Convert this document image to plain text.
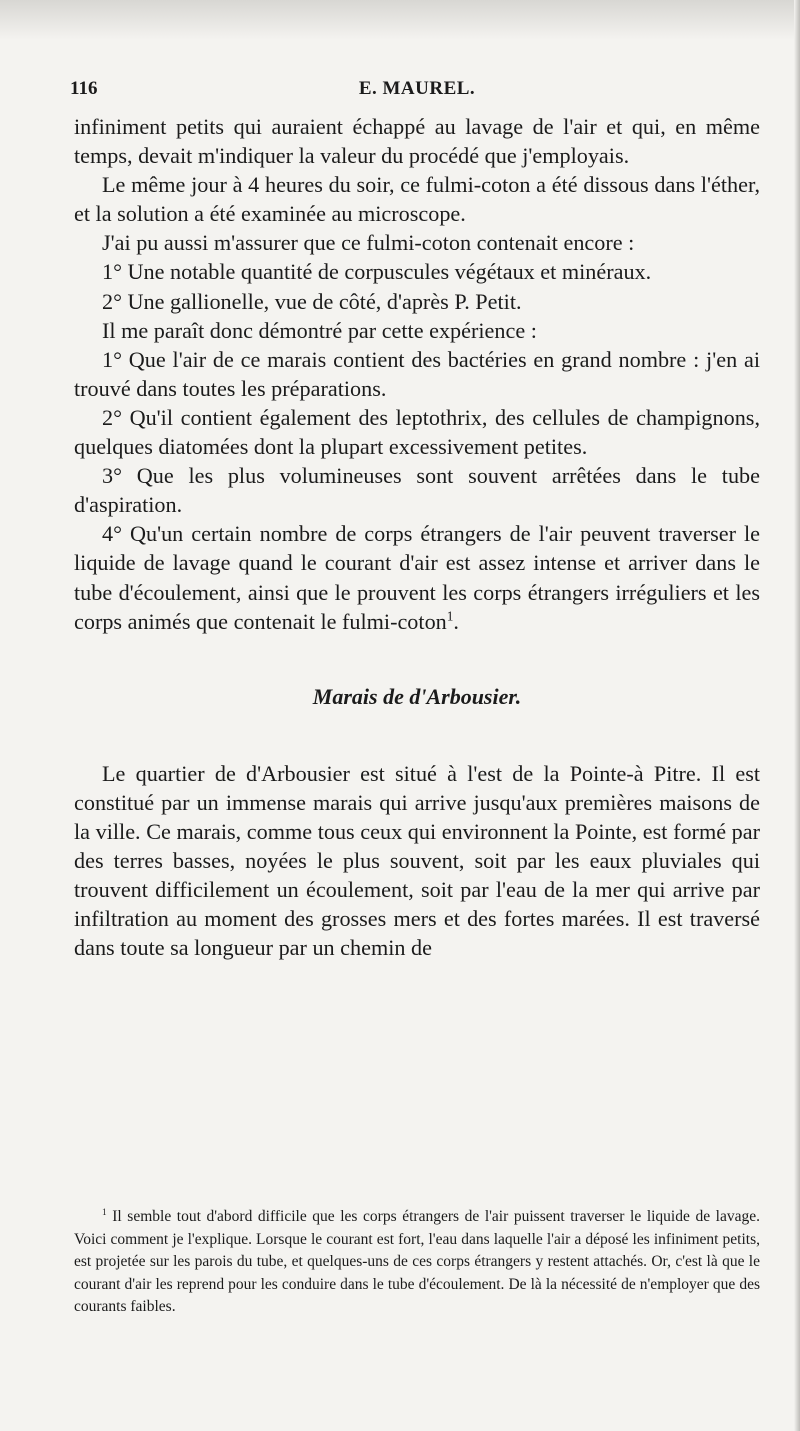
116	E. MAUREL.

infiniment petits qui auraient échappé au lavage de l'air et qui, en même temps, devait m'indiquer la valeur du procédé que j'employais.

Le même jour à 4 heures du soir, ce fulmi-coton a été dissous dans l'éther, et la solution a été examinée au microscope.

J'ai pu aussi m'assurer que ce fulmi-coton contenait encore :

1° Une notable quantité de corpuscules végétaux et minéraux.

2° Une gallionelle, vue de côté, d'après P. Petit.

Il me paraît donc démontré par cette expérience :

1° Que l'air de ce marais contient des bactéries en grand nombre : j'en ai trouvé dans toutes les préparations.

2° Qu'il contient également des leptothrix, des cellules de champignons, quelques diatomées dont la plupart excessivement petites.

3° Que les plus volumineuses sont souvent arrêtées dans le tube d'aspiration.

4° Qu'un certain nombre de corps étrangers de l'air peuvent traverser le liquide de lavage quand le courant d'air est assez intense et arriver dans le tube d'écoulement, ainsi que le prouvent les corps étrangers irréguliers et les corps animés que contenait le fulmi-coton$^1$.

Marais de d'Arbousier.

Le quartier de d'Arbousier est situé à l'est de la Pointe-à Pitre. Il est constitué par un immense marais qui arrive jusqu'aux premières maisons de la ville. Ce marais, comme tous ceux qui environnent la Pointe, est formé par des terres basses, noyées le plus souvent, soit par les eaux pluviales qui trouvent difficilement un écoulement, soit par l'eau de la mer qui arrive par infiltration au moment des grosses mers et des fortes marées. Il est traversé dans toute sa longueur par un chemin de

$^1$ Il semble tout d'abord difficile que les corps étrangers de l'air puissent traverser le liquide de lavage. Voici comment je l'explique. Lorsque le courant est fort, l'eau dans laquelle l'air a déposé les infiniment petits, est projetée sur les parois du tube, et quelques-uns de ces corps étrangers y restent attachés. Or, c'est là que le courant d'air les reprend pour les conduire dans le tube d'écoulement. De là la nécessité de n'employer que des courants faibles.
